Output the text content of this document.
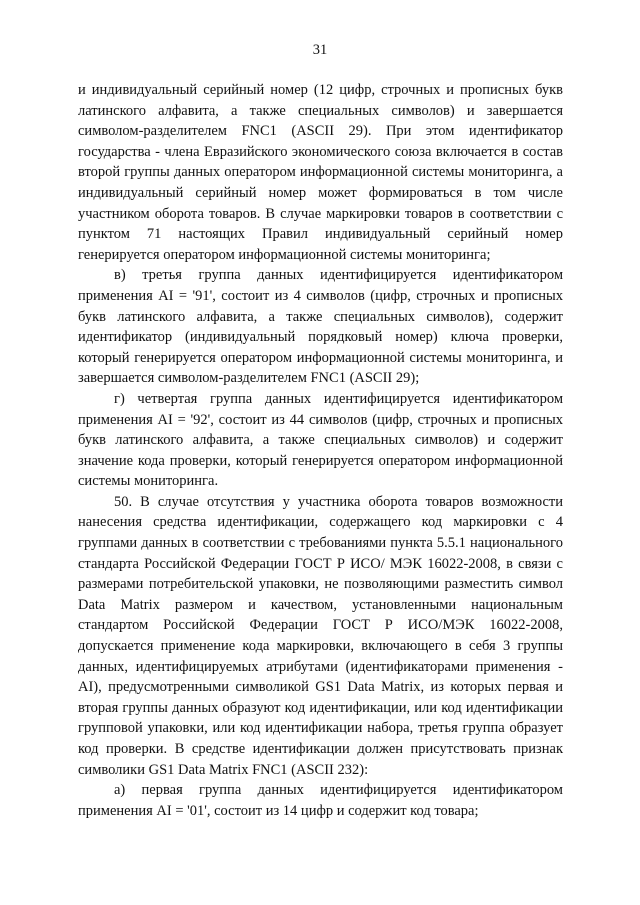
31

и индивидуальный серийный номер (12 цифр, строчных и прописных букв латинского алфавита, а также специальных символов) и завершается символом-разделителем FNC1 (ASCII 29). При этом идентификатор государства - члена Евразийского экономического союза включается в состав второй группы данных оператором информационной системы мониторинга, а индивидуальный серийный номер может формироваться в том числе участником оборота товаров. В случае маркировки товаров в соответствии с пунктом 71 настоящих Правил индивидуальный серийный номер генерируется оператором информационной системы мониторинга;

в) третья группа данных идентифицируется идентификатором применения AI = '91', состоит из 4 символов (цифр, строчных и прописных букв латинского алфавита, а также специальных символов), содержит идентификатор (индивидуальный порядковый номер) ключа проверки, который генерируется оператором информационной системы мониторинга, и завершается символом-разделителем FNC1 (ASCII 29);

г) четвертая группа данных идентифицируется идентификатором применения AI = '92', состоит из 44 символов (цифр, строчных и прописных букв латинского алфавита, а также специальных символов) и содержит значение кода проверки, который генерируется оператором информационной системы мониторинга.

50. В случае отсутствия у участника оборота товаров возможности нанесения средства идентификации, содержащего код маркировки с 4 группами данных в соответствии с требованиями пункта 5.5.1 национального стандарта Российской Федерации ГОСТ Р ИСО/ МЭК 16022-2008, в связи с размерами потребительской упаковки, не позволяющими разместить символ Data Matrix размером и качеством, установленными национальным стандартом Российской Федерации ГОСТ Р ИСО/МЭК 16022-2008, допускается применение кода маркировки, включающего в себя 3 группы данных, идентифицируемых атрибутами (идентификаторами применения - AI), предусмотренными символикой GS1 Data Matrix, из которых первая и вторая группы данных образуют код идентификации, или код идентификации групповой упаковки, или код идентификации набора, третья группа образует код проверки. В средстве идентификации должен присутствовать признак символики GS1 Data Matrix FNC1 (ASCII 232):

а) первая группа данных идентифицируется идентификатором применения AI = '01', состоит из 14 цифр и содержит код товара;
